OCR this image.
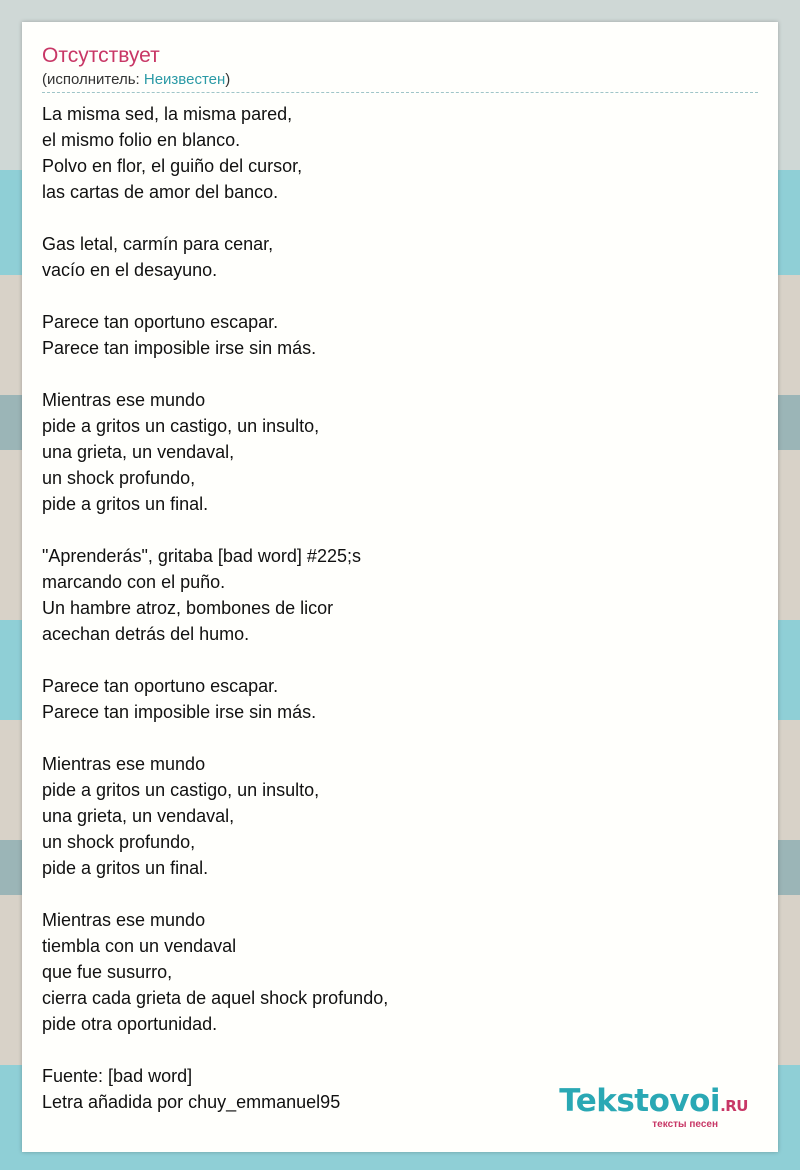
Отсутствует
(исполнитель: Неизвестен)
La misma sed, la misma pared,
el mismo folio en blanco.
Polvo en flor, el guiño del cursor,
las cartas de amor del banco.
Gas letal, carmín para cenar,
vacío en el desayuno.
Parece tan oportuno escapar.
Parece tan imposible irse sin más.
Mientras ese mundo
pide a gritos un castigo, un insulto,
una grieta, un vendaval,
un shock profundo,
pide a gritos un final.
"Aprenderás", gritaba [bad word] #225;s
marcando con el puño.
Un hambre atroz, bombones de licor
acechan detrás del humo.
Parece tan oportuno escapar.
Parece tan imposible irse sin más.
Mientras ese mundo
pide a gritos un castigo, un insulto,
una grieta, un vendaval,
un shock profundo,
pide a gritos un final.
Mientras ese mundo
tiembla con un vendaval
que fue susurro,
cierra cada grieta de aquel shock profundo,
pide otra oportunidad.
Fuente: [bad word]
Letra añadida por chuy_emmanuel95	Tekstovoi.RU
тексты песен
